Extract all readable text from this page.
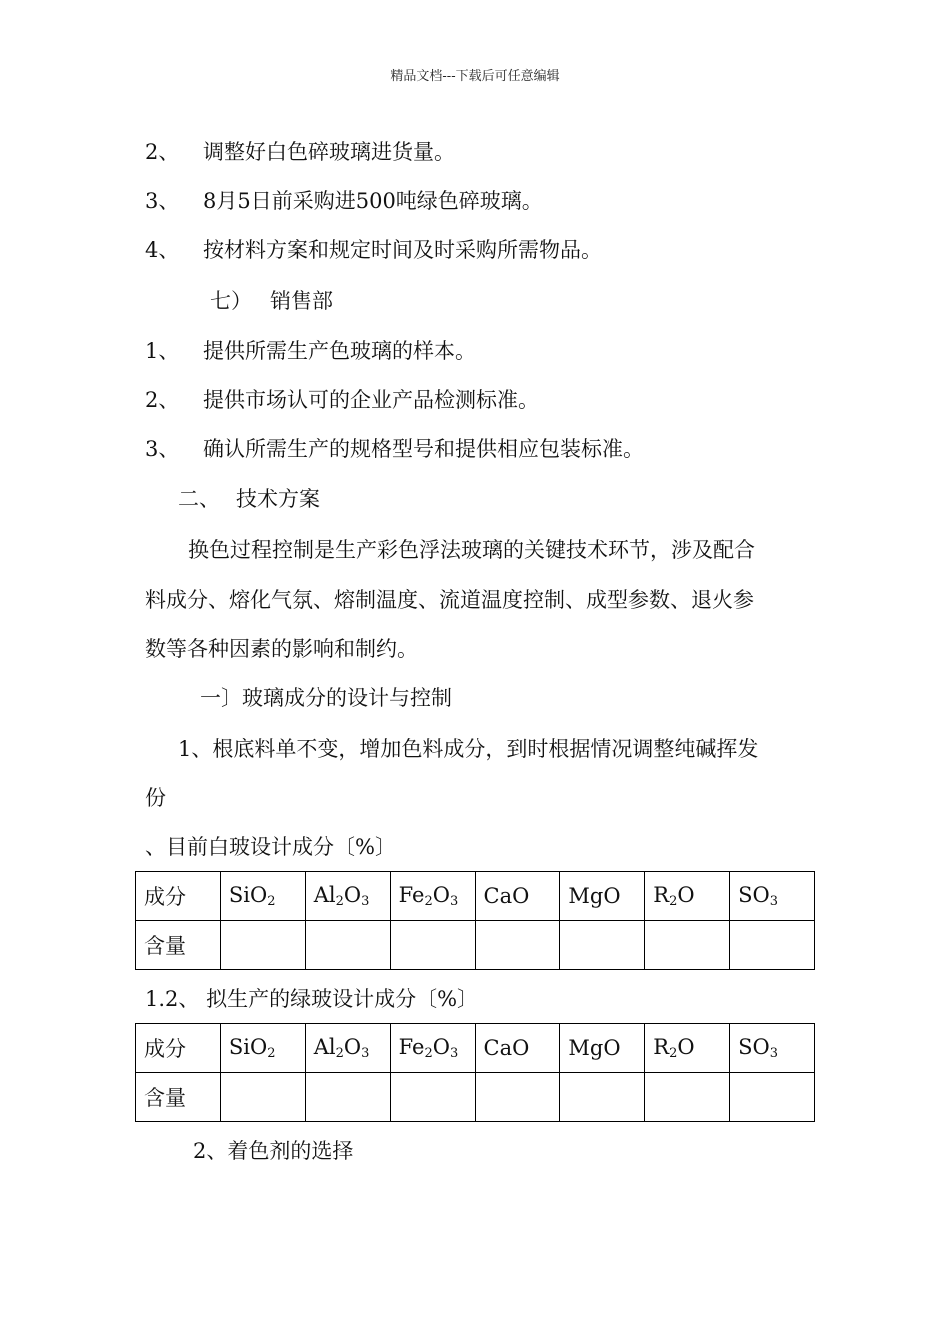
精品文档---下载后可任意编辑
2、 调整好白色碎玻璃进货量。
3、 8月5日前采购进500吨绿色碎玻璃。
4、 按材料方案和规定时间及时采购所需物品。
七） 销售部
1、 提供所需生产色玻璃的样本。
2、 提供市场认可的企业产品检测标准。
3、 确认所需生产的规格型号和提供相应包装标准。
二、 技术方案
换色过程控制是生产彩色浮法玻璃的关键技术环节，涉及配合
料成分、熔化气氛、熔制温度、流道温度控制、成型参数、退火参
数等各种因素的影响和制约。
一〕玻璃成分的设计与控制
1、根底料单不变，增加色料成分，到时根据情况调整纯碱挥发
份
、目前白玻设计成分〔%〕
成分	SiO$_2$	$Al_2O_3$	$Fe_2O_3$	CaO	MgO	$R_2O$	$SO_3$
含量							
1.2、 拟生产的绿玻设计成分〔%〕
成分	SiO$_2$	$Al_2O_3$	$Fe_2O_3$	CaO	MgO	$R_2O$	$SO_3$
含量							
2、着色剂的选择
